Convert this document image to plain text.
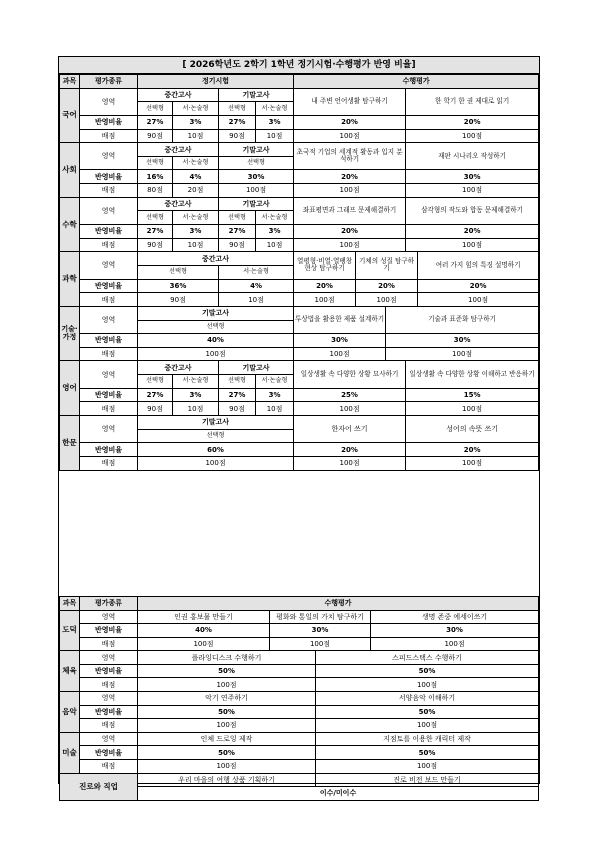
[ 2026학년도 2학기 1학년 정기시험·수행평가 반영 비율]
과목	평가종류	정기시험				수행평가				
국어	영역	중간고사		기말고사		내 주변 언어생활 탐구하기			한 학기 한 권 제대로 읽기	
		선택형	서·논술형	선택형	서·논술형					
	반영비율	27%	3%	27%	3%	20%			20%	
	배점	90점	10점	90점	10점	100점			100점	
사회	영역	중간고사		기말고사		초국적 기업의 세계적 활동과 입지 분석하기			재판 시나리오 작성하기	
		선택형	서·논술형	선택형						
	반영비율	16%	4%	30%		20%			30%	
	배점	80점	20점	100점		100점			100점	
수학	영역	중간고사		기말고사		좌표평면과 그래프 문제해결하기			삼각형의 작도와 합동 문제해결하기	
		선택형	서·논술형	선택형	서·논술형					
	반영비율	27%	3%	27%	3%	20%			20%	
	배점	90점	10점	90점	10점	100점			100점	
과학	영역	중간고사				열평형·비열·열팽창 현상 탐구하기	기체의 성질 탐구하기			여러 가지 힘의 특징 설명하기
		선택형		서·논술형						
	반영비율	36%		4%		20%	20%			20%
	배점	90점		10점		100점	100점			100점
기술·가정	영역	기말고사				투상법을 활용한 제품 설계하기		기술과 표준화 탐구하기		
		선택형								
	반영비율	40%				30%		30%		
	배점	100점				100점		100점		
영어	영역	중간고사		기말고사		일상생활 속 다양한 상황 묘사하기			일상생활 속 다양한 상황 이해하고 반응하기	
		선택형	서·논술형	선택형	서·논술형					
	반영비율	27%	3%	27%	3%	25%			15%	
	배점	90점	10점	90점	10점	100점			100점	
한문	영역	기말고사				한자어 쓰기			성어의 속뜻 쓰기	
		선택형								
	반영비율	60%				20%			20%	
	배점	100점				100점			100점	
과목	평가종류	수행평가			
도덕	영역	인권 홍보물 만들기	평화와 통일의 가치 탐구하기		생명 존중 에세이쓰기
	반영비율	40%	30%		30%
	배점	100점	100점		100점
체육	영역	플라잉디스크 수행하기		스피드스택스 수행하기	
	반영비율	50%		50%	
	배점	100점		100점	
음악	영역	악기 연주하기		서양음악 이해하기	
	반영비율	50%		50%	
	배점	100점		100점	
미술	영역	인체 드로잉 제작		지점토를 이용한 캐릭터 제작	
	반영비율	50%		50%	
	배점	100점		100점	
진로와 직업		우리 마을의 여행 상품 기획하기		진로 비전 보드 만들기	
		이수/미이수			
